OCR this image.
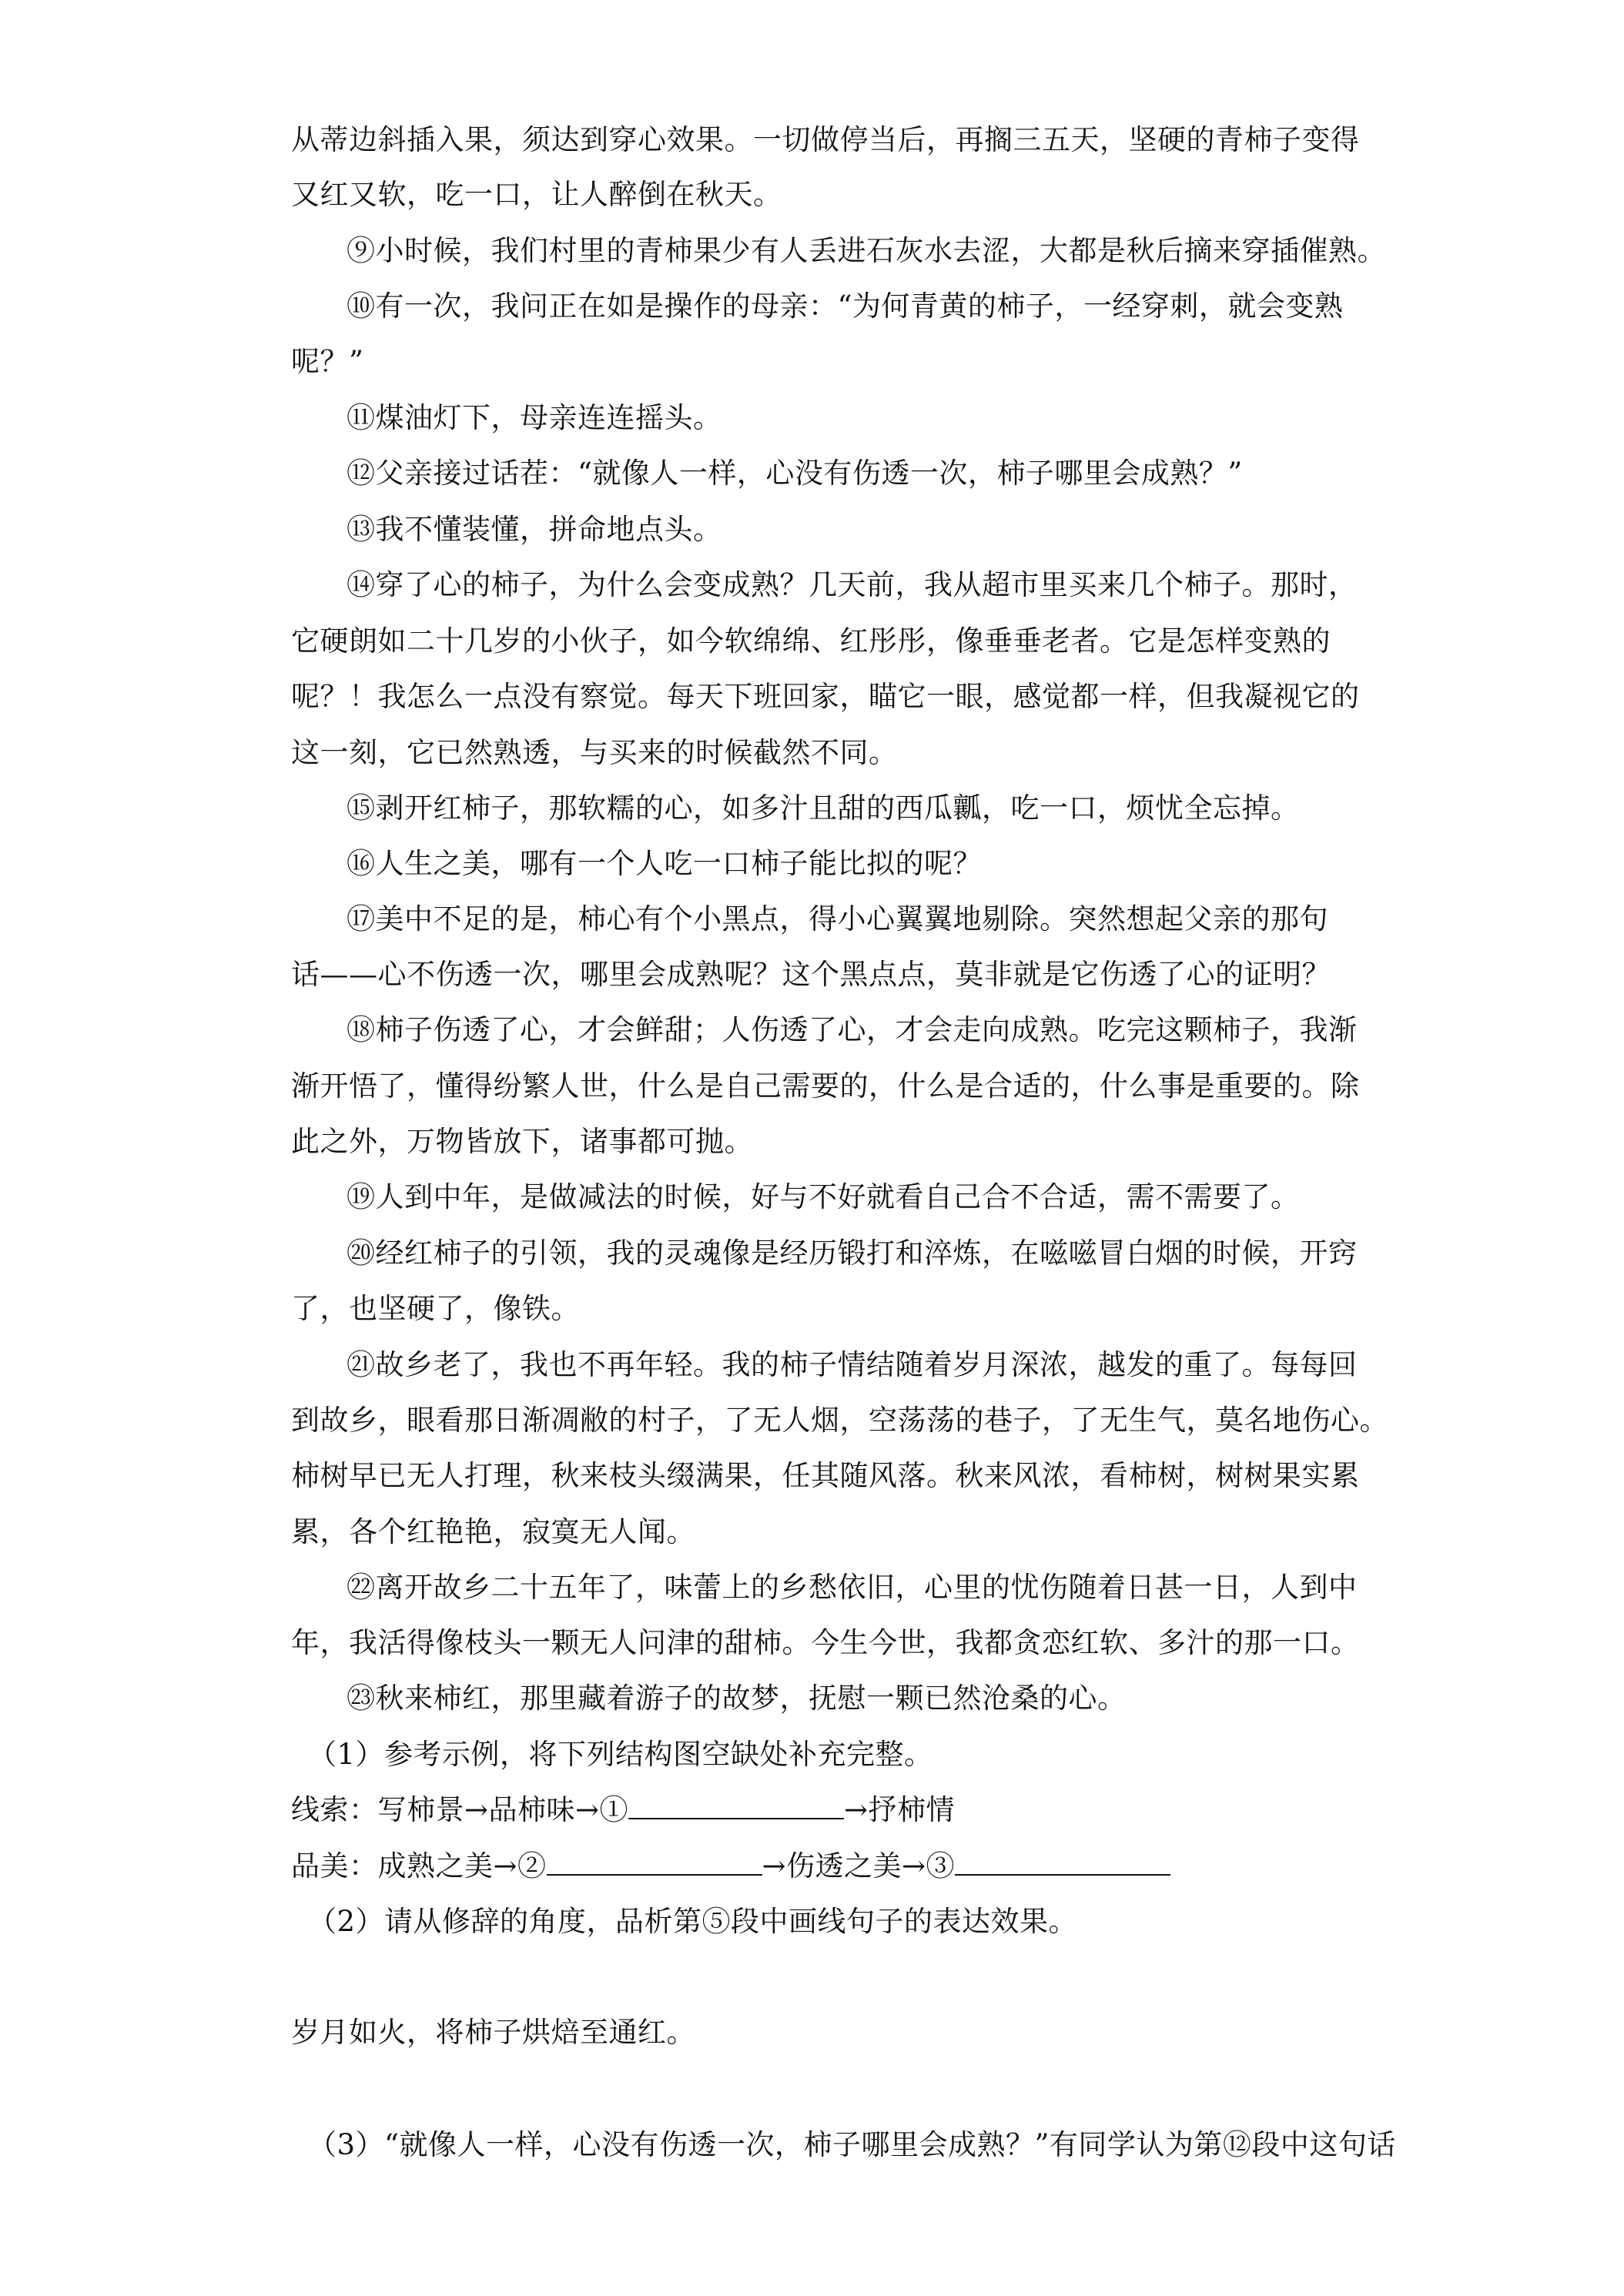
从蒂边斜插入果，须达到穿心效果。一切做停当后，再搁三五天，坚硬的青柿子变得
又红又软，吃一口，让人醉倒在秋天。
⑨小时候，我们村里的青柿果少有人丢进石灰水去涩，大都是秋后摘来穿插催熟。
⑩有一次，我问正在如是操作的母亲：“为何青黄的柿子，一经穿刺，就会变熟
呢？”
⑪煤油灯下，母亲连连摇头。
⑫父亲接过话茬：“就像人一样，心没有伤透一次，柿子哪里会成熟？”
⑬我不懂装懂，拼命地点头。
⑭穿了心的柿子，为什么会变成熟？几天前，我从超市里买来几个柿子。那时，
它硬朗如二十几岁的小伙子，如今软绵绵、红彤彤，像垂垂老者。它是怎样变熟的
呢？！我怎么一点没有察觉。每天下班回家，瞄它一眼，感觉都一样，但我凝视它的
这一刻，它已然熟透，与买来的时候截然不同。
⑮剥开红柿子，那软糯的心，如多汁且甜的西瓜瓤，吃一口，烦忧全忘掉。
⑯人生之美，哪有一个人吃一口柿子能比拟的呢？
⑰美中不足的是，柿心有个小黑点，得小心翼翼地剔除。突然想起父亲的那句
话——心不伤透一次，哪里会成熟呢？这个黑点点，莫非就是它伤透了心的证明？
⑱柿子伤透了心，才会鲜甜；人伤透了心，才会走向成熟。吃完这颗柿子，我渐
渐开悟了，懂得纷繁人世，什么是自己需要的，什么是合适的，什么事是重要的。除
此之外，万物皆放下，诸事都可抛。
⑲人到中年，是做减法的时候，好与不好就看自己合不合适，需不需要了。
⑳经红柿子的引领，我的灵魂像是经历锻打和淬炼，在嗞嗞冒白烟的时候，开窍
了，也坚硬了，像铁。
㉑故乡老了，我也不再年轻。我的柿子情结随着岁月深浓，越发的重了。每每回
到故乡，眼看那日渐凋敝的村子，了无人烟，空荡荡的巷子，了无生气，莫名地伤心。
柿树早已无人打理，秋来枝头缀满果，任其随风落。秋来风浓，看柿树，树树果实累
累，各个红艳艳，寂寞无人闻。
㉒离开故乡二十五年了，味蕾上的乡愁依旧，心里的忧伤随着日甚一日，人到中
年，我活得像枝头一颗无人问津的甜柿。今生今世，我都贪恋红软、多汁的那一口。
㉓秋来柿红，那里藏着游子的故梦，抚慰一颗已然沧桑的心。
（1）参考示例，将下列结构图空缺处补充完整。
线索：写柿景→品柿味→①	→抒柿情
品美：成熟之美→②	→伤透之美→③
（2）请从修辞的角度，品析第⑤段中画线句子的表达效果。
岁月如火，将柿子烘焙至通红。
（3）“就像人一样，心没有伤透一次，柿子哪里会成熟？”有同学认为第⑫段中这句话
